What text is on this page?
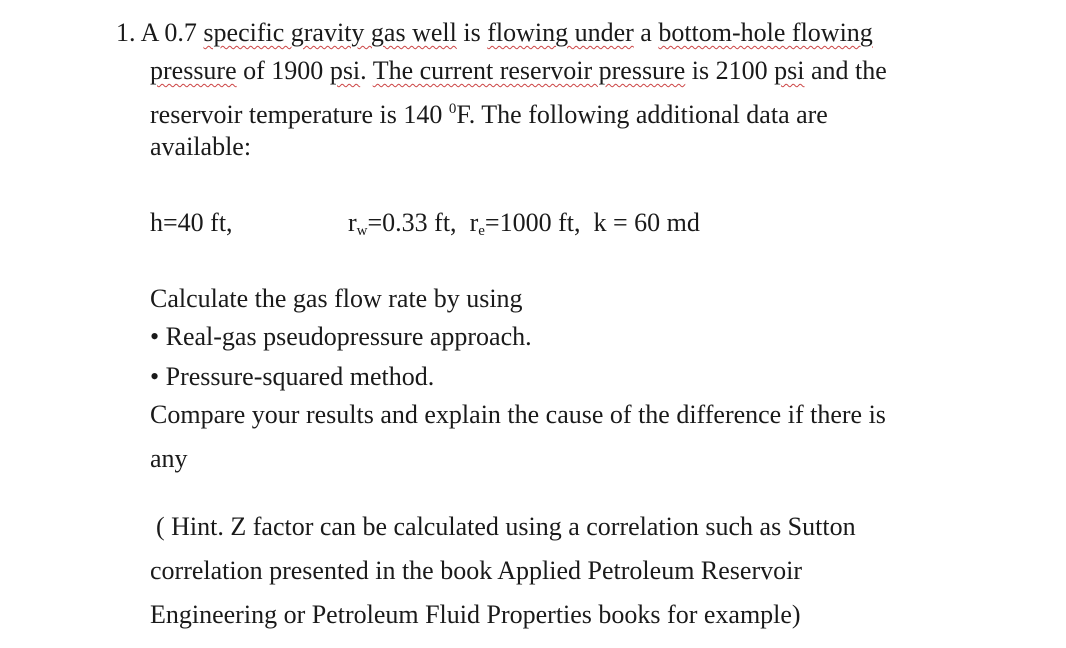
1. A 0.7 specific gravity gas well is flowing under a bottom-hole flowing
pressure of 1900 psi. The current reservoir pressure is 2100 psi and the
reservoir temperature is 140 $^0$F. The following additional data are
available:
h=40 ft,	$r_w=0.33$ ft, $r_e=1000$ ft, k = 60 md
Calculate the gas flow rate by using
• Real-gas pseudopressure approach.
• Pressure-squared method.
Compare your results and explain the cause of the difference if there is
any
( Hint. Z factor can be calculated using a correlation such as Sutton
correlation presented in the book Applied Petroleum Reservoir
Engineering or Petroleum Fluid Properties books for example)
